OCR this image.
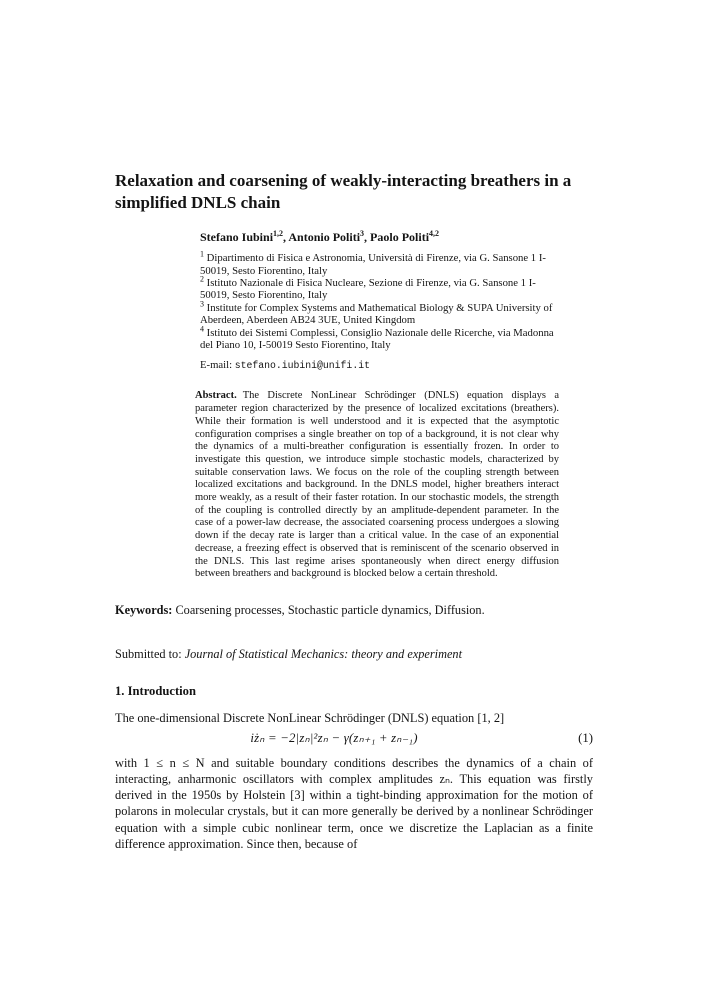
Relaxation and coarsening of weakly-interacting breathers in a simplified DNLS chain
Stefano Iubini$^{1,2}$, Antonio Politi$^3$, Paolo Politi$^{4,2}$
$^1$ Dipartimento di Fisica e Astronomia, Università di Firenze, via G. Sansone 1 I-50019, Sesto Fiorentino, Italy
$^2$ Istituto Nazionale di Fisica Nucleare, Sezione di Firenze, via G. Sansone 1 I-50019, Sesto Fiorentino, Italy
$^3$ Institute for Complex Systems and Mathematical Biology & SUPA University of Aberdeen, Aberdeen AB24 3UE, United Kingdom
$^4$ Istituto dei Sistemi Complessi, Consiglio Nazionale delle Ricerche, via Madonna del Piano 10, I-50019 Sesto Fiorentino, Italy
E-mail: stefano.iubini@unifi.it
Abstract. The Discrete NonLinear Schrödinger (DNLS) equation displays a parameter region characterized by the presence of localized excitations (breathers). While their formation is well understood and it is expected that the asymptotic configuration comprises a single breather on top of a background, it is not clear why the dynamics of a multi-breather configuration is essentially frozen. In order to investigate this question, we introduce simple stochastic models, characterized by suitable conservation laws. We focus on the role of the coupling strength between localized excitations and background. In the DNLS model, higher breathers interact more weakly, as a result of their faster rotation. In our stochastic models, the strength of the coupling is controlled directly by an amplitude-dependent parameter. In the case of a power-law decrease, the associated coarsening process undergoes a slowing down if the decay rate is larger than a critical value. In the case of an exponential decrease, a freezing effect is observed that is reminiscent of the scenario observed in the DNLS. This last regime arises spontaneously when direct energy diffusion between breathers and background is blocked below a certain threshold.
Keywords: Coarsening processes, Stochastic particle dynamics, Diffusion.
Submitted to: Journal of Statistical Mechanics: theory and experiment
1. Introduction

The one-dimensional Discrete NonLinear Schrödinger (DNLS) equation [1, 2]

iżₙ = −2|zₙ|²zₙ − γ(zₙ₊₁ + zₙ₋₁)	(1)

with 1 ≤ n ≤ N and suitable boundary conditions describes the dynamics of a chain of interacting, anharmonic oscillators with complex amplitudes zₙ. This equation was firstly derived in the 1950s by Holstein [3] within a tight-binding approximation for the motion of polarons in molecular crystals, but it can more generally be derived by a nonlinear Schrödinger equation with a simple cubic nonlinear term, once we discretize the Laplacian as a finite difference approximation. Since then, because of
